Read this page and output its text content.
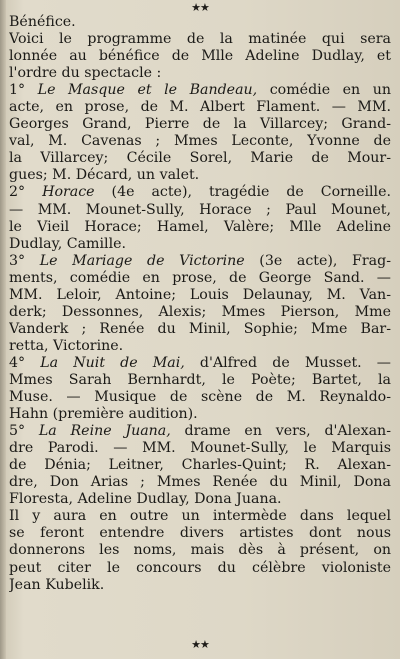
★★
Bénéfice.
Voici le programme de la matinée qui sera
lonnée au bénéfice de Mlle Adeline Dudlay, et
l'ordre du spectacle :
1° Le Masque et le Bandeau, comédie en un
acte, en prose, de M. Albert Flament. — MM.
Georges Grand, Pierre de la Villarcey; Grand-
val, M. Cavenas ; Mmes Leconte, Yvonne de
la Villarcey; Cécile Sorel, Marie de Mour-
gues; M. Décard, un valet.
2° Horace (4e acte), tragédie de Corneille.
— MM. Mounet-Sully, Horace ; Paul Mounet,
le Vieil Horace; Hamel, Valère; Mlle Adeline
Dudlay, Camille.
3° Le Mariage de Victorine (3e acte), Frag-
ments, comédie en prose, de George Sand. —
MM. Leloir, Antoine; Louis Delaunay, M. Van-
derk; Dessonnes, Alexis; Mmes Pierson, Mme
Vanderk ; Renée du Minil, Sophie; Mme Bar-
retta, Victorine.
4° La Nuit de Mai, d'Alfred de Musset. —
Mmes Sarah Bernhardt, le Poète; Bartet, la
Muse. — Musique de scène de M. Reynaldo-
Hahn (première audition).
5° La Reine Juana, drame en vers, d'Alexan-
dre Parodi. — MM. Mounet-Sully, le Marquis
de Dénia; Leitner, Charles-Quint; R. Alexan-
dre, Don Arias ; Mmes Renée du Minil, Dona
Floresta, Adeline Dudlay, Dona Juana.
Il y aura en outre un intermède dans lequel
se feront entendre divers artistes dont nous
donnerons les noms, mais dès à présent, on
peut citer le concours du célèbre violoniste
Jean Kubelik.
★★
